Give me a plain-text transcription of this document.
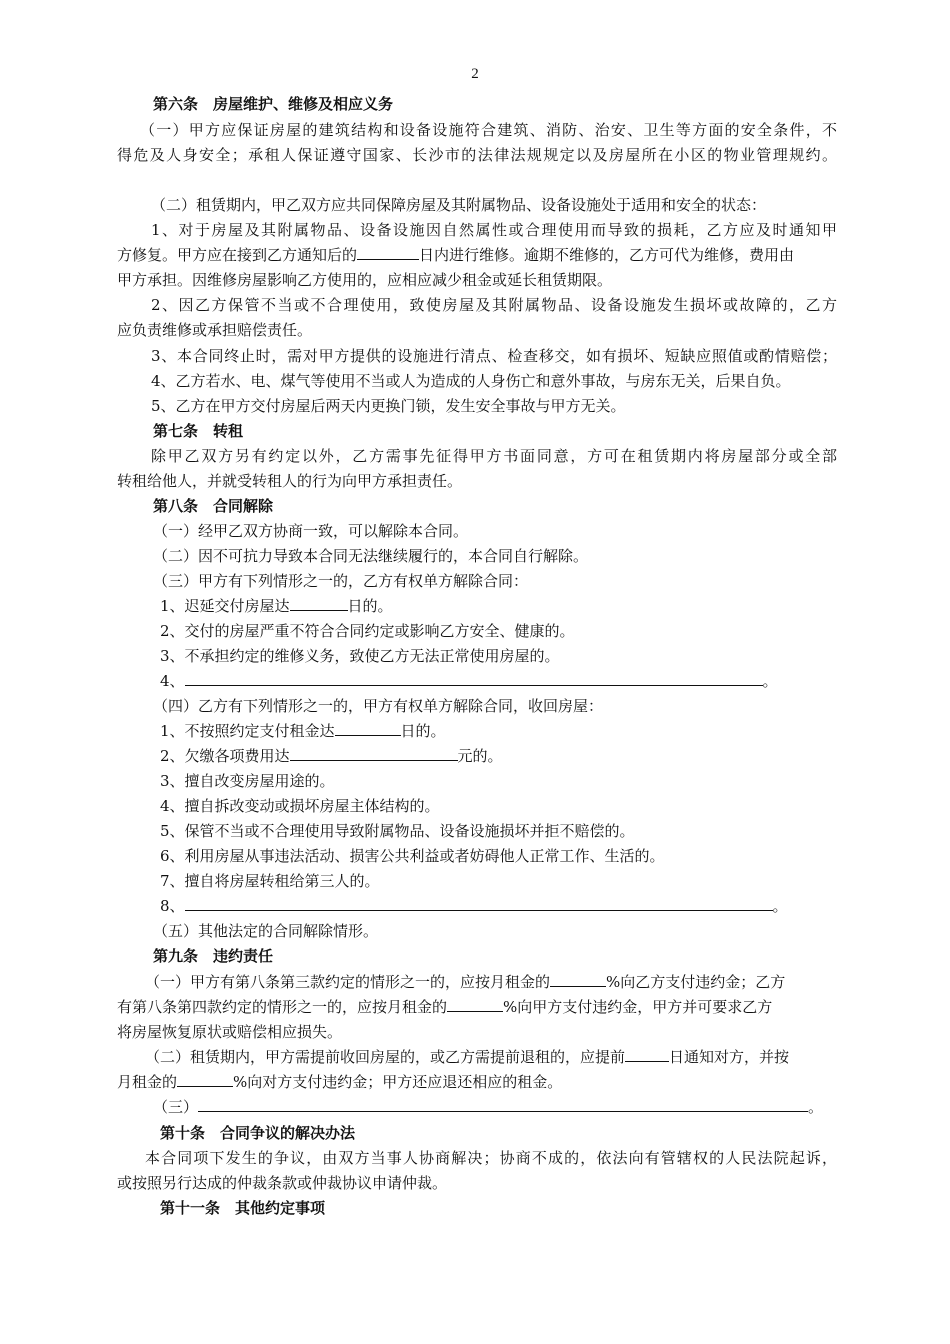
2
第六条　房屋维护、维修及相应义务
（一）甲方应保证房屋的建筑结构和设备设施符合建筑、消防、治安、卫生等方面的安全条件，不
得危及人身安全；承租人保证遵守国家、长沙市的法律法规规定以及房屋所在小区的物业管理规约。
（二）租赁期内，甲乙双方应共同保障房屋及其附属物品、设备设施处于适用和安全的状态：
1、对于房屋及其附属物品、设备设施因自然属性或合理使用而导致的损耗，乙方应及时通知甲
方修复。甲方应在接到乙方通知后的	日内进行维修。逾期不维修的，乙方可代为维修，费用由
甲方承担。因维修房屋影响乙方使用的，应相应减少租金或延长租赁期限。
2、因乙方保管不当或不合理使用，致使房屋及其附属物品、设备设施发生损坏或故障的，乙方
应负责维修或承担赔偿责任。
3、本合同终止时，需对甲方提供的设施进行清点、检查移交，如有损坏、短缺应照值或酌情赔偿；
4、乙方若水、电、煤气等使用不当或人为造成的人身伤亡和意外事故，与房东无关，后果自负。
5、乙方在甲方交付房屋后两天内更换门锁，发生安全事故与甲方无关。
第七条　转租
除甲乙双方另有约定以外，乙方需事先征得甲方书面同意，方可在租赁期内将房屋部分或全部
转租给他人，并就受转租人的行为向甲方承担责任。
第八条　合同解除
（一）经甲乙双方协商一致，可以解除本合同。
（二）因不可抗力导致本合同无法继续履行的，本合同自行解除。
（三）甲方有下列情形之一的，乙方有权单方解除合同：
1、迟延交付房屋达	日的。
2、交付的房屋严重不符合合同约定或影响乙方安全、健康的。
3、不承担约定的维修义务，致使乙方无法正常使用房屋的。
4、	。
（四）乙方有下列情形之一的，甲方有权单方解除合同，收回房屋：
1、不按照约定支付租金达	日的。
2、欠缴各项费用达	元的。
3、擅自改变房屋用途的。
4、擅自拆改变动或损坏房屋主体结构的。
5、保管不当或不合理使用导致附属物品、设备设施损坏并拒不赔偿的。
6、利用房屋从事违法活动、损害公共利益或者妨碍他人正常工作、生活的。
7、擅自将房屋转租给第三人的。
8、	。
（五）其他法定的合同解除情形。
第九条　违约责任
（一）甲方有第八条第三款约定的情形之一的，应按月租金的	%向乙方支付违约金；乙方
有第八条第四款约定的情形之一的，应按月租金的	%向甲方支付违约金，甲方并可要求乙方
将房屋恢复原状或赔偿相应损失。
（二）租赁期内，甲方需提前收回房屋的，或乙方需提前退租的，应提前	日通知对方，并按
月租金的	%向对方支付违约金；甲方还应退还相应的租金。
（三）	。
第十条　合同争议的解决办法
本合同项下发生的争议，由双方当事人协商解决；协商不成的，依法向有管辖权的人民法院起诉，
或按照另行达成的仲裁条款或仲裁协议申请仲裁。
第十一条　其他约定事项
